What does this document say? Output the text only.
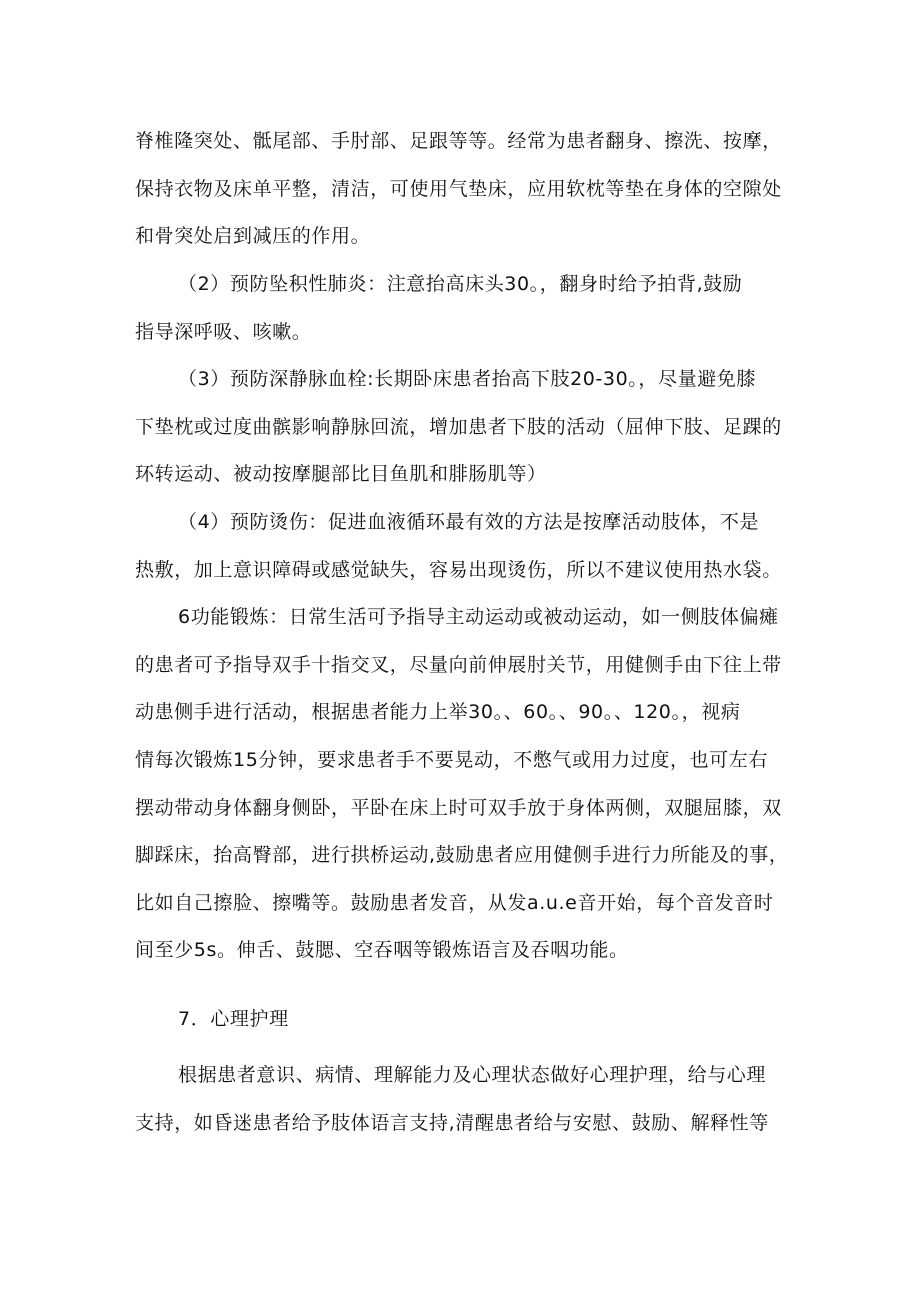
脊椎隆突处、骶尾部、手肘部、足跟等等。经常为患者翻身、擦洗、按摩，
保持衣物及床单平整，清洁，可使用气垫床，应用软枕等垫在身体的空隙处
和骨突处启到减压的作用。
（2）预防坠积性肺炎：注意抬高床头30。，翻身时给予拍背,鼓励
指导深呼吸、咳嗽。
（3）预防深静脉血栓:长期卧床患者抬高下肢20-30。，尽量避免膝
下垫枕或过度曲髌影响静脉回流，增加患者下肢的活动（屈伸下肢、足踝的
环转运动、被动按摩腿部比目鱼肌和腓肠肌等）
（4）预防烫伤：促进血液循环最有效的方法是按摩活动肢体，不是
热敷，加上意识障碍或感觉缺失，容易出现烫伤，所以不建议使用热水袋。
6功能锻炼：日常生活可予指导主动运动或被动运动，如一侧肢体偏瘫
的患者可予指导双手十指交叉，尽量向前伸展肘关节，用健侧手由下往上带
动患侧手进行活动，根据患者能力上举30。、60。、90。、120。，视病
情每次锻炼15分钟，要求患者手不要晃动，不憋气或用力过度，也可左右
摆动带动身体翻身侧卧，平卧在床上时可双手放于身体两侧，双腿屈膝，双
脚踩床，抬高臀部，进行拱桥运动,鼓励患者应用健侧手进行力所能及的事，
比如自己擦脸、擦嘴等。鼓励患者发音，从发a.u.e音开始，每个音发音时
间至少5s。伸舌、鼓腮、空吞咽等锻炼语言及吞咽功能。
7．心理护理
根据患者意识、病情、理解能力及心理状态做好心理护理，给与心理
支持，如昏迷患者给予肢体语言支持,清醒患者给与安慰、鼓励、解释性等
